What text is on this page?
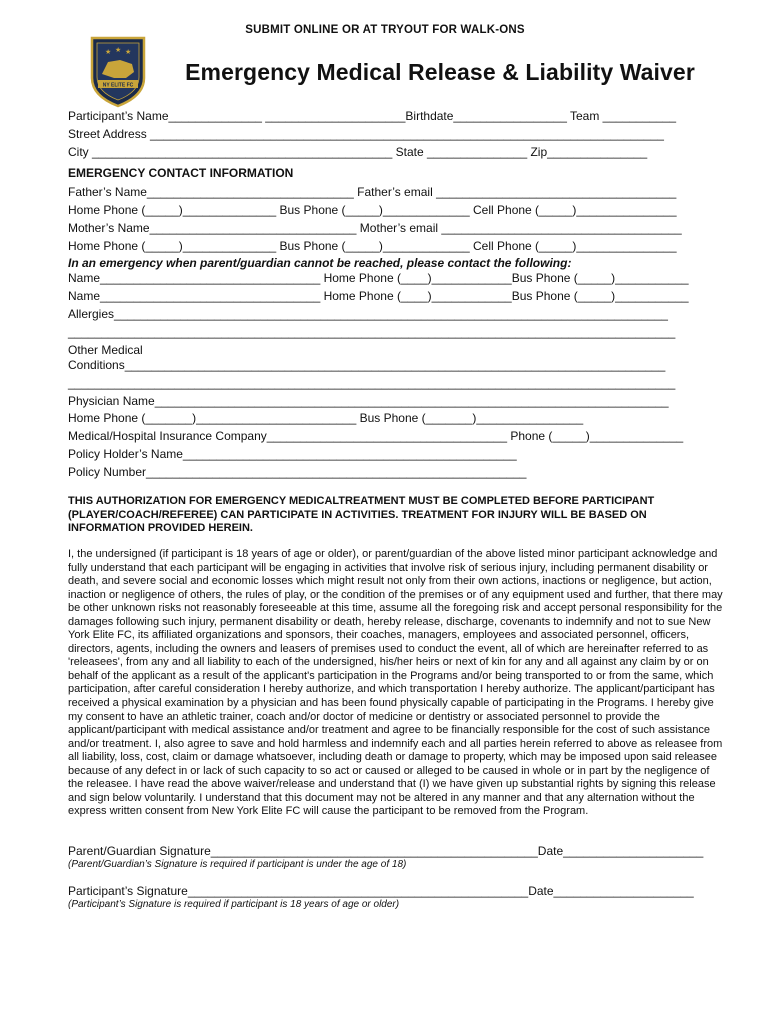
SUBMIT ONLINE OR AT TRYOUT FOR WALK-ONS
★ ★ ★
NY ELITE FC
Emergency Medical Release & Liability Waiver
Participant’s Name______________ _____________________Birthdate_________________ Team ___________
Street Address _____________________________________________________________________________
City _____________________________________________ State _______________ Zip_______________
EMERGENCY CONTACT INFORMATION
Father’s Name_______________________________ Father’s email ____________________________________
Home Phone (_____)______________ Bus Phone (_____)_____________ Cell Phone (_____)_______________
Mother’s Name_______________________________ Mother’s email ____________________________________
Home Phone (_____)______________ Bus Phone (_____)_____________ Cell Phone (_____)_______________
In an emergency when parent/guardian cannot be reached, please contact the following:
Name_________________________________ Home Phone (____)____________Bus Phone (_____)___________
Name_________________________________ Home Phone (____)____________Bus Phone (_____)___________
Allergies___________________________________________________________________________________
___________________________________________________________________________________________
Other Medical
Conditions_________________________________________________________________________________
___________________________________________________________________________________________
Physician Name_____________________________________________________________________________
Home Phone (_______)________________________ Bus Phone (_______)________________
Medical/Hospital Insurance Company____________________________________ Phone (_____)______________
Policy Holder’s Name__________________________________________________
Policy Number_________________________________________________________
THIS AUTHORIZATION FOR EMERGENCY MEDICALTREATMENT MUST BE COMPLETED BEFORE PARTICIPANT (PLAYER/COACH/REFEREE) CAN PARTICIPATE IN ACTIVITIES. TREATMENT FOR INJURY WILL BE BASED ON INFORMATION PROVIDED HEREIN.
I, the undersigned (if participant is 18 years of age or older), or parent/guardian of the above listed minor participant acknowledge and fully understand that each participant will be engaging in activities that involve risk of serious injury, including permanent disability or death, and severe social and economic losses which might result not only from their own actions, inactions or negligence, but action, inaction or negligence of others, the rules of play, or the condition of the premises or of any equipment used and further, that there may be other unknown risks not reasonably foreseeable at this time, assume all the foregoing risk and accept personal responsibility for the damages following such injury, permanent disability or death, hereby release, discharge, covenants to indemnify and not to sue New York Elite FC, its affiliated organizations and sponsors, their coaches, managers, employees and associated personnel, officers, directors, agents, including the owners and leasers of premises used to conduct the event, all of which are hereinafter referred to as 'releasees', from any and all liability to each of the undersigned, his/her heirs or next of kin for any and all against any claim by or on behalf of the applicant as a result of the applicant's participation in the Programs and/or being transported to or from the same, which participation, after careful consideration I hereby authorize, and which transportation I hereby authorize. The applicant/participant has received a physical examination by a physician and has been found physically capable of participating in the Programs. I hereby give my consent to have an athletic trainer, coach and/or doctor of medicine or dentistry or associated personnel to provide the applicant/participant with medical assistance and/or treatment and agree to be financially responsible for the cost of such assistance and/or treatment. I, also agree to save and hold harmless and indemnify each and all parties herein referred to above as releasee from all liability, loss, cost, claim or damage whatsoever, including death or damage to property, which may be imposed upon said releasee because of any defect in or lack of such capacity to so act or caused or alleged to be caused in whole or in part by the negligence of the releasee. I have read the above waiver/release and understand that (I) we have given up substantial rights by signing this release and sign below voluntarily. I understand that this document may not be altered in any manner and that any alternation without the express written consent from New York Elite FC will cause the participant to be removed from the Program.
Parent/Guardian Signature_________________________________________________Date_____________________
(Parent/Guardian’s Signature is required if participant is under the age of 18)
Participant’s Signature___________________________________________________Date_____________________
(Participant’s Signature is required if participant is 18 years of age or older)
